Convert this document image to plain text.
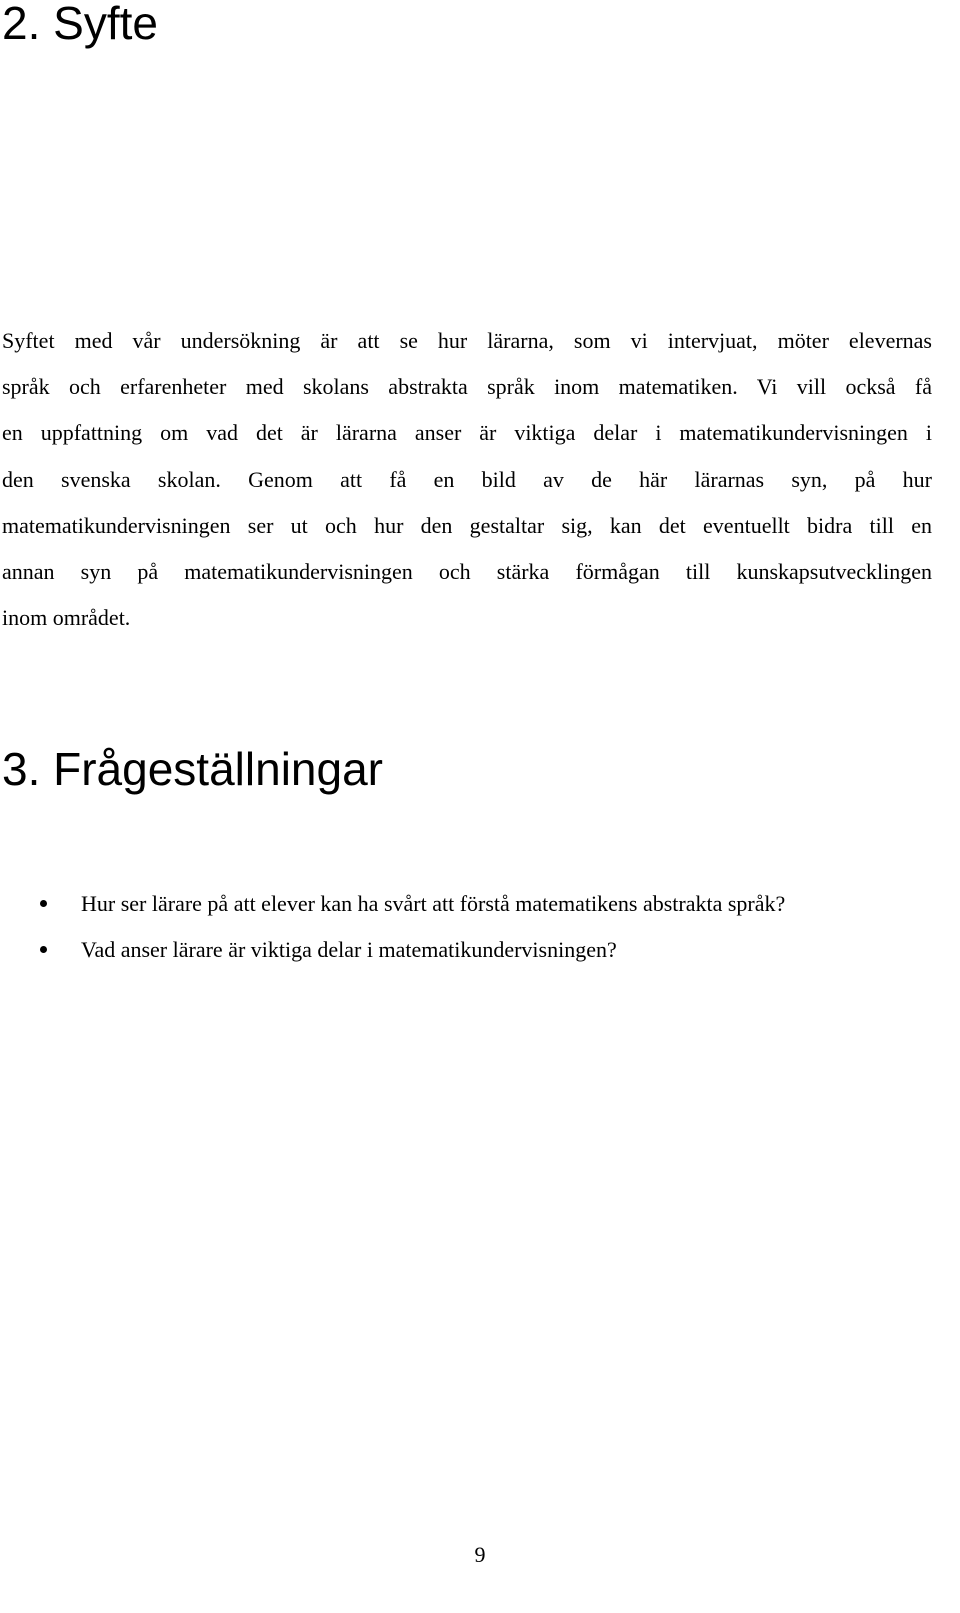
2. Syfte
Syftet med vår undersökning är att se hur lärarna, som vi intervjuat, möter elevernas
språk och erfarenheter med skolans abstrakta språk inom matematiken. Vi vill också få
en uppfattning om vad det är lärarna anser är viktiga delar i matematikundervisningen i
den svenska skolan. Genom att få en bild av de här lärarnas syn, på hur
matematikundervisningen ser ut och hur den gestaltar sig, kan det eventuellt bidra till en
annan syn på matematikundervisningen och stärka förmågan till kunskapsutvecklingen
inom området.
3. Frågeställningar
Hur ser lärare på att elever kan ha svårt att förstå matematikens abstrakta språk?
Vad anser lärare är viktiga delar i matematikundervisningen?
9
